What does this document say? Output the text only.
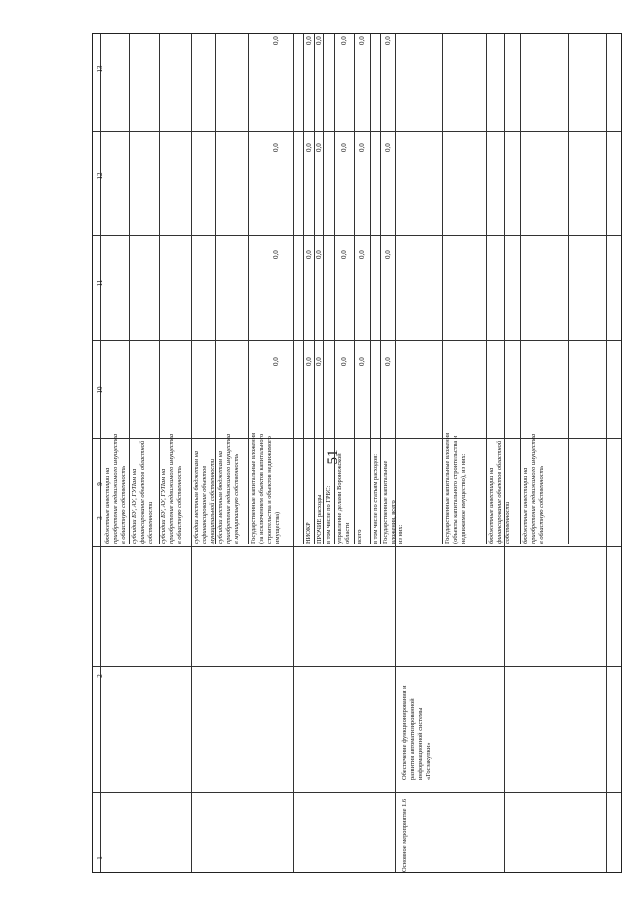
51
1
2
3
9
10
11
12
13
бюджетные инвестиции на приобретение недвижимого имущества в областную собственность субсидии БУ, АУ, ГУПам на финансирование объектов областной собственности субсидии БУ, АУ, ГУПам на приобретение недвижимого имущества в областную собственность субсидии местным бюджетам на софинансирование объектов муниципальной собственности субсидии местным бюджетам на приобретение недвижимого имущества в муниципальную собственность Государственные капитальные вложения (за исключением объектов капитального строительства и объектов недвижимого имущества)
0,0
0,0
0,0
0,0
НИОКР
0,0
0,0
0,0
0,0
ПРОЧИЕ расходы
0,0
0,0
0,0
0,0
в том числе по ГРБС: управление делами Воронежской области
0,0
0,0
0,0
0,0
всего
0,0
0,0
0,0
0,0
в том числе по статьям расходов: Государственные капитальные вложения, всего
0,0
0,0
0,0
0,0
из них:	Государственные капитальные вложения (объекты капитального строительства и недвижимое имущество), из них:	бюджетные инвестиции на финансирование объектов областной собственности бюджетные инвестиции на приобретение недвижимого имущества в областную собственность
Основное мероприятие 1.6
Обеспечение функционирования и развития автоматизированной информационной системы «Госзакупки»
